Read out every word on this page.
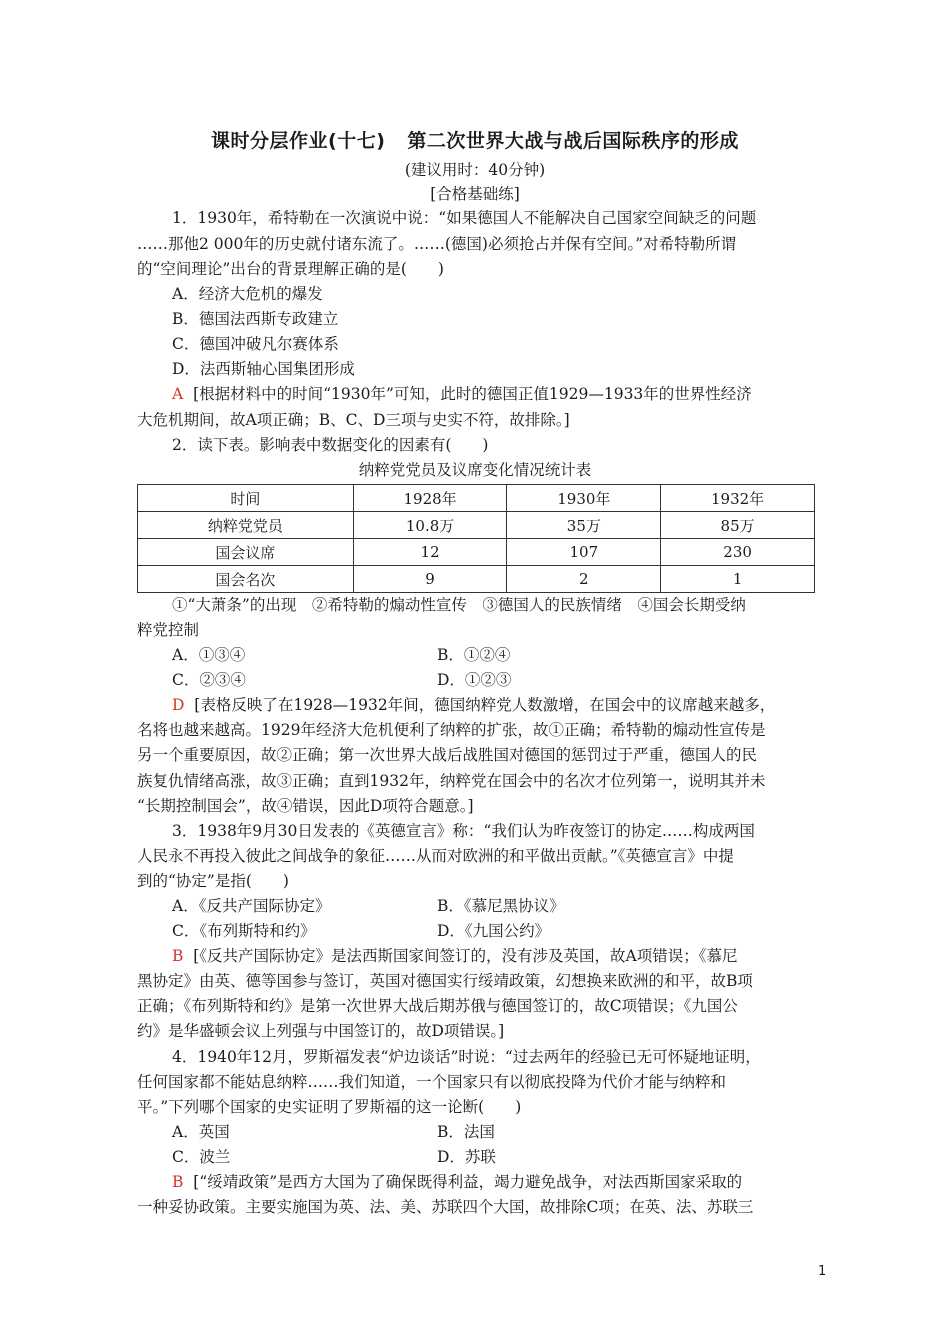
课时分层作业(十七) 第二次世界大战与战后国际秩序的形成
(建议用时：40分钟)
[合格基础练]
1．1930年，希特勒在一次演说中说：“如果德国人不能解决自己国家空间缺乏的问题
……那他2 000年的历史就付诸东流了。……(德国)必须抢占并保有空间。”对希特勒所谓
的“空间理论”出台的背景理解正确的是(　　)
A．经济大危机的爆发
B．德国法西斯专政建立
C．德国冲破凡尔赛体系
D．法西斯轴心国集团形成
A [根据材料中的时间“1930年”可知，此时的德国正值1929—1933年的世界性经济
大危机期间，故A项正确；B、C、D三项与史实不符，故排除。]
2．读下表。影响表中数据变化的因素有(　　)
纳粹党党员及议席变化情况统计表
时间	1928年	1930年	1932年
纳粹党党员	10.8万	35万	85万
国会议席	12	107	230
国会名次	9	2	1
①“大萧条”的出现　②希特勒的煽动性宣传　③德国人的民族情绪　④国会长期受纳
粹党控制
A．①③④	B．①②④
C．②③④	D．①②③
D [表格反映了在1928—1932年间，德国纳粹党人数激增，在国会中的议席越来越多，
名将也越来越高。1929年经济大危机便利了纳粹的扩张，故①正确；希特勒的煽动性宣传是
另一个重要原因，故②正确；第一次世界大战后战胜国对德国的惩罚过于严重，德国人的民
族复仇情绪高涨，故③正确；直到1932年，纳粹党在国会中的名次才位列第一，说明其并未
“长期控制国会”，故④错误，因此D项符合题意。]
3．1938年9月30日发表的《英德宣言》称：“我们认为昨夜签订的协定……构成两国
人民永不再投入彼此之间战争的象征……从而对欧洲的和平做出贡献。”《英德宣言》中提
到的“协定”是指(　　)
A．《反共产国际协定》	B．《慕尼黑协议》
C．《布列斯特和约》	D．《九国公约》
B [《反共产国际协定》是法西斯国家间签订的，没有涉及英国，故A项错误；《慕尼
黑协定》由英、德等国参与签订，英国对德国实行绥靖政策，幻想换来欧洲的和平，故B项
正确；《布列斯特和约》是第一次世界大战后期苏俄与德国签订的，故C项错误；《九国公
约》是华盛顿会议上列强与中国签订的，故D项错误。]
4．1940年12月，罗斯福发表“炉边谈话”时说：“过去两年的经验已无可怀疑地证明，
任何国家都不能姑息纳粹……我们知道，一个国家只有以彻底投降为代价才能与纳粹和
平。”下列哪个国家的史实证明了罗斯福的这一论断(　　)
A．英国	B．法国
C．波兰	D．苏联
B [“绥靖政策”是西方大国为了确保既得利益，竭力避免战争，对法西斯国家采取的
一种妥协政策。主要实施国为英、法、美、苏联四个大国，故排除C项；在英、法、苏联三
1
